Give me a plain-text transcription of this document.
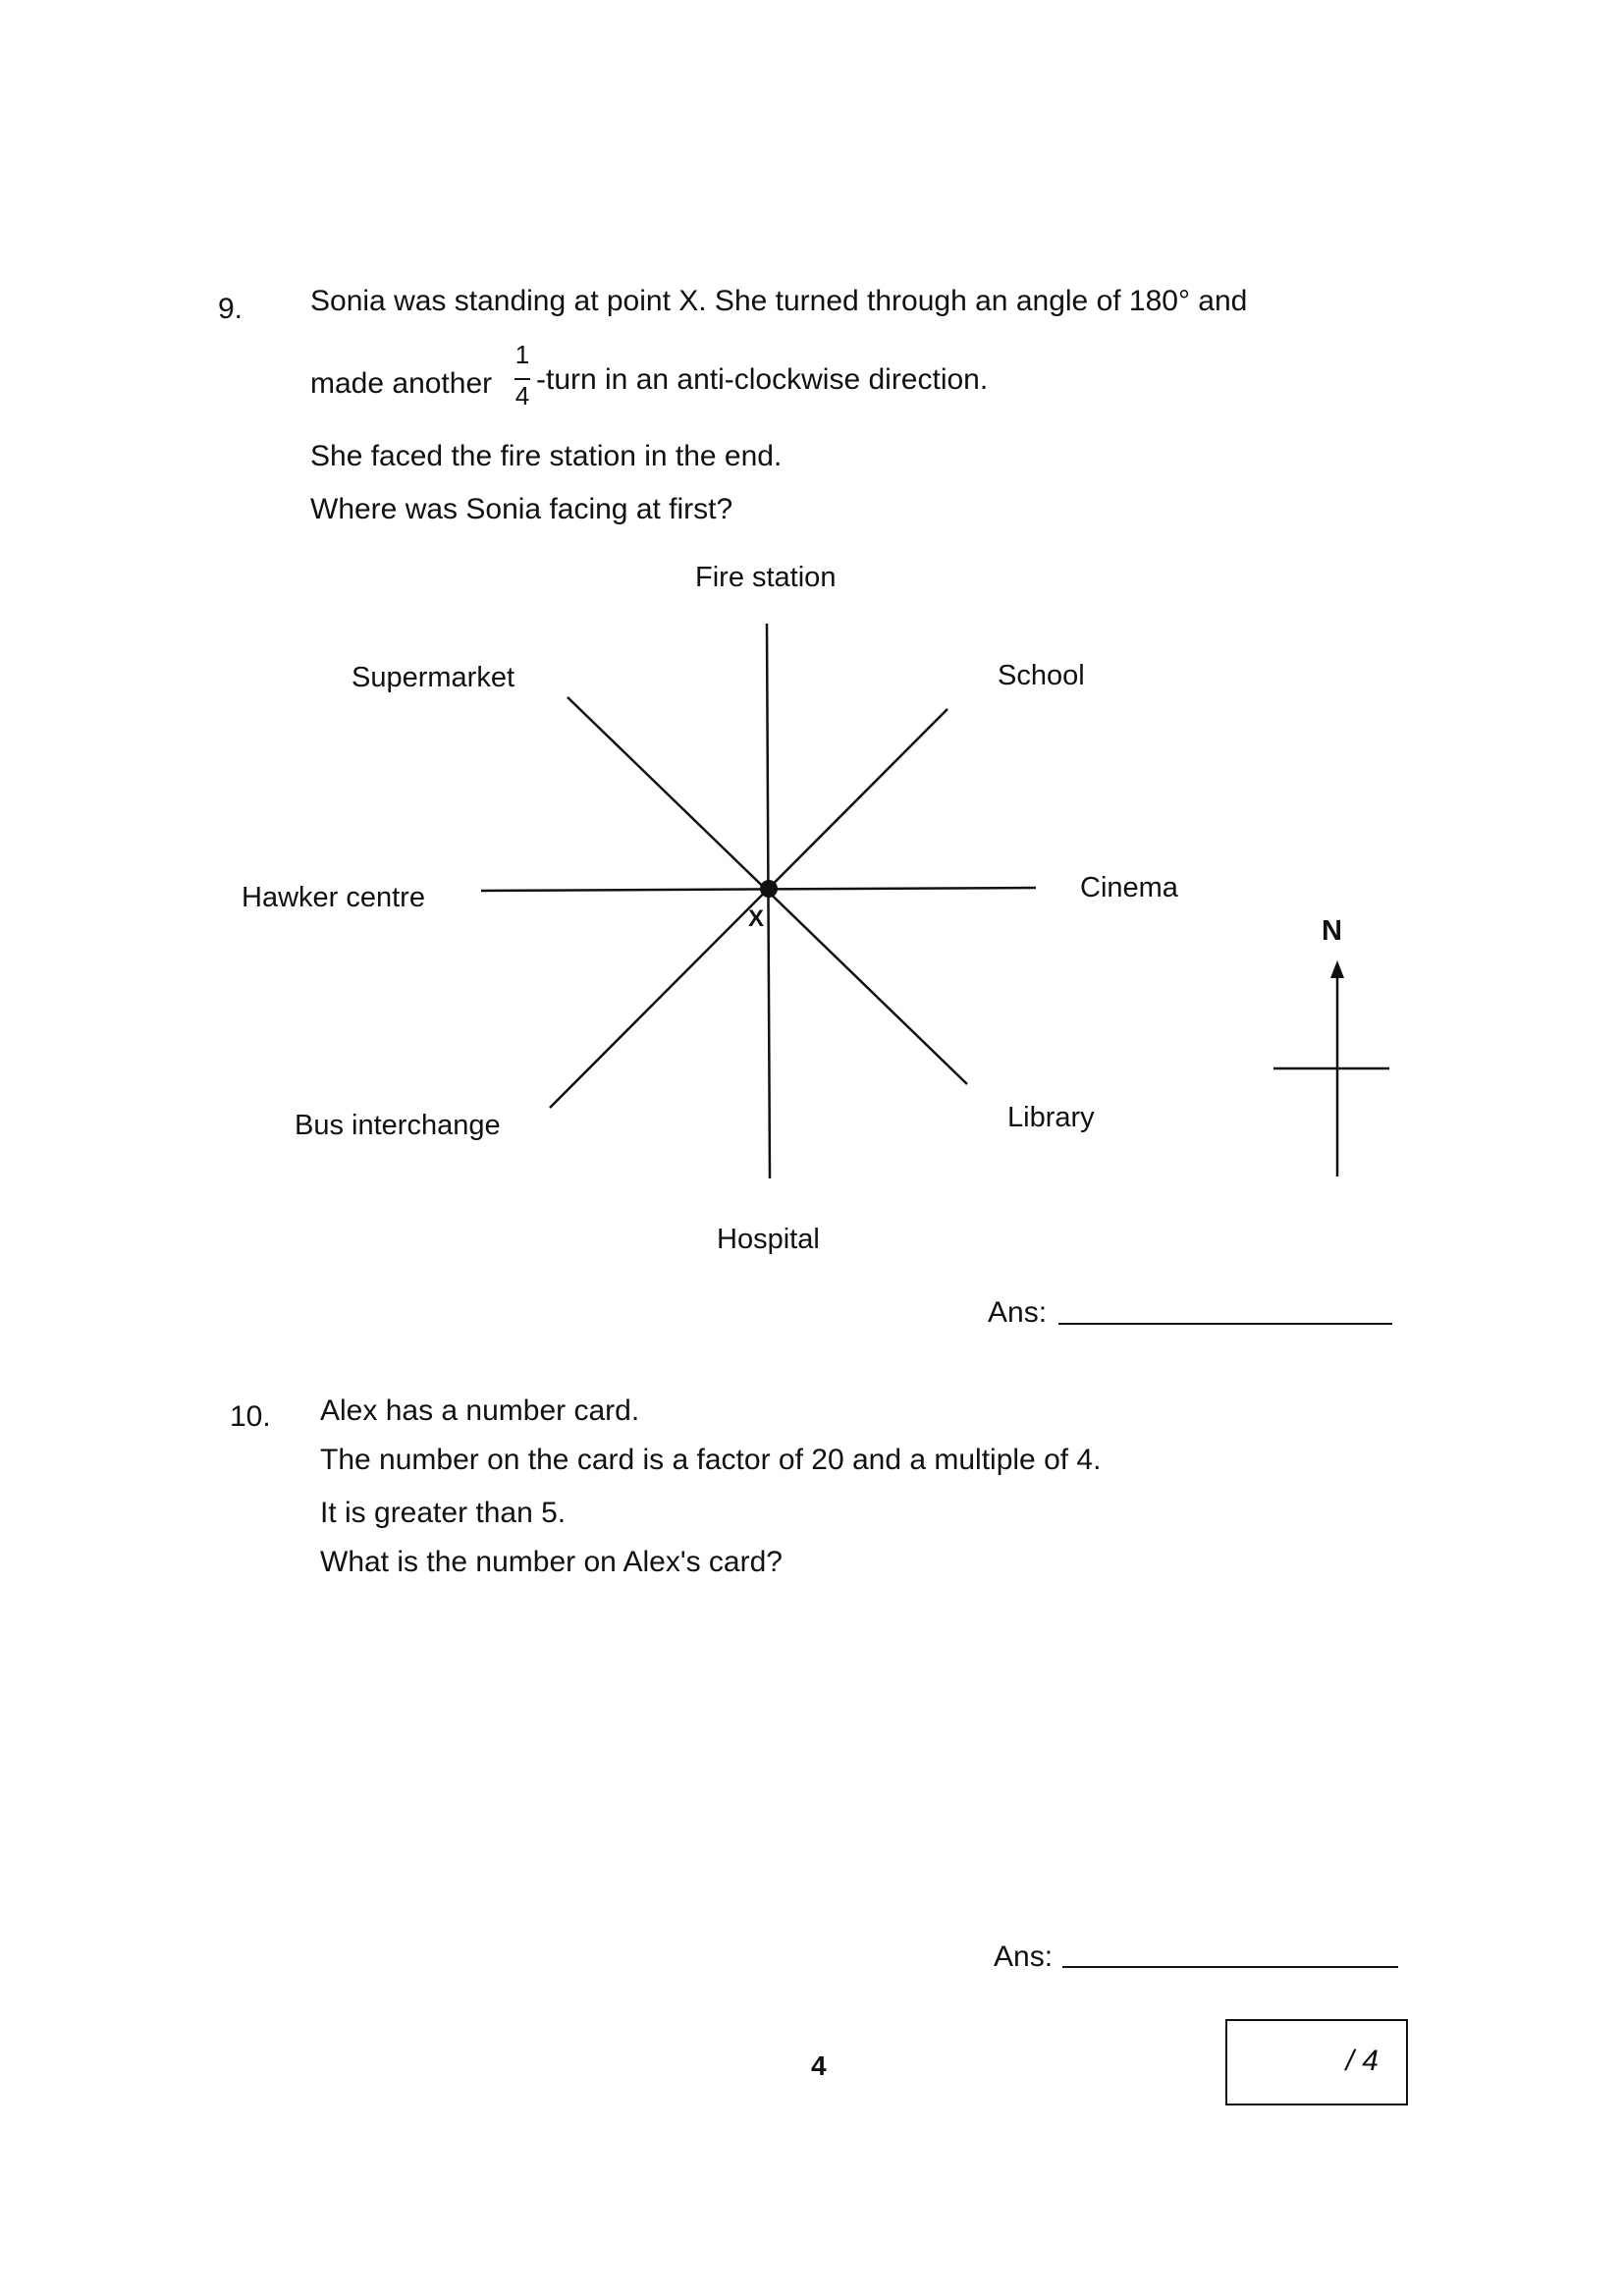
9. Sonia was standing at point X. She turned through an angle of 180° and
made another
1
4 -turn in an anti-clockwise direction.
She faced the fire station in the end.
Where was Sonia facing at first?
Fire station
Supermarket	School
Hawker centre	Cinema
X
Bus interchange	Library
Hospital
N
Ans:
10. Alex has a number card.
The number on the card is a factor of 20 and a multiple of 4.
It is greater than 5.
What is the number on Alex's card?
Ans:
4	/ 4
